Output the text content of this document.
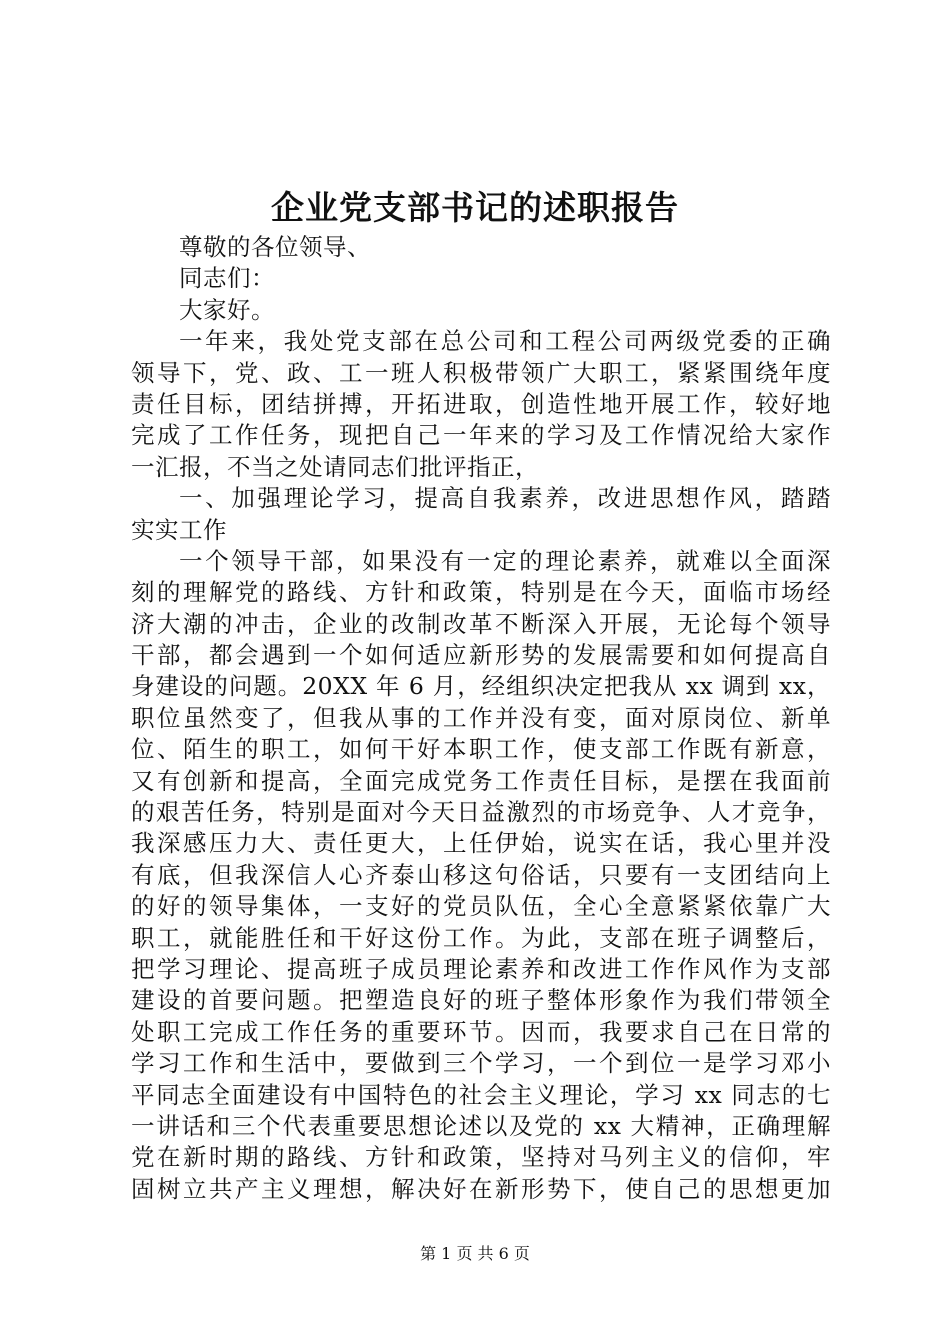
企业党支部书记的述职报告
尊敬的各位领导、
同志们：
大家好。
一年来，我处党支部在总公司和工程公司两级党委的正确
领导下，党、政、工一班人积极带领广大职工，紧紧围绕年度
责任目标，团结拼搏，开拓进取，创造性地开展工作，较好地
完成了工作任务，现把自己一年来的学习及工作情况给大家作
一汇报，不当之处请同志们批评指正，
一、加强理论学习，提高自我素养，改进思想作风，踏踏
实实工作
一个领导干部，如果没有一定的理论素养，就难以全面深
刻的理解党的路线、方针和政策，特别是在今天，面临市场经
济大潮的冲击，企业的改制改革不断深入开展，无论每个领导
干部，都会遇到一个如何适应新形势的发展需要和如何提高自
身建设的问题。20XX 年 6 月，经组织决定把我从 xx 调到 xx，
职位虽然变了，但我从事的工作并没有变，面对原岗位、新单
位、陌生的职工，如何干好本职工作，使支部工作既有新意，
又有创新和提高，全面完成党务工作责任目标，是摆在我面前
的艰苦任务，特别是面对今天日益激烈的市场竞争、人才竞争，
我深感压力大、责任更大，上任伊始，说实在话，我心里并没
有底，但我深信人心齐泰山移这句俗话，只要有一支团结向上
的好的领导集体，一支好的党员队伍，全心全意紧紧依靠广大
职工，就能胜任和干好这份工作。为此，支部在班子调整后，
把学习理论、提高班子成员理论素养和改进工作作风作为支部
建设的首要问题。把塑造良好的班子整体形象作为我们带领全
处职工完成工作任务的重要环节。因而，我要求自己在日常的
学习工作和生活中，要做到三个学习，一个到位一是学习邓小
平同志全面建设有中国特色的社会主义理论，学习 xx 同志的七
一讲话和三个代表重要思想论述以及党的 xx 大精神，正确理解
党在新时期的路线、方针和政策，坚持对马列主义的信仰，牢
固树立共产主义理想，解决好在新形势下，使自己的思想更加
第 1 页 共 6 页
